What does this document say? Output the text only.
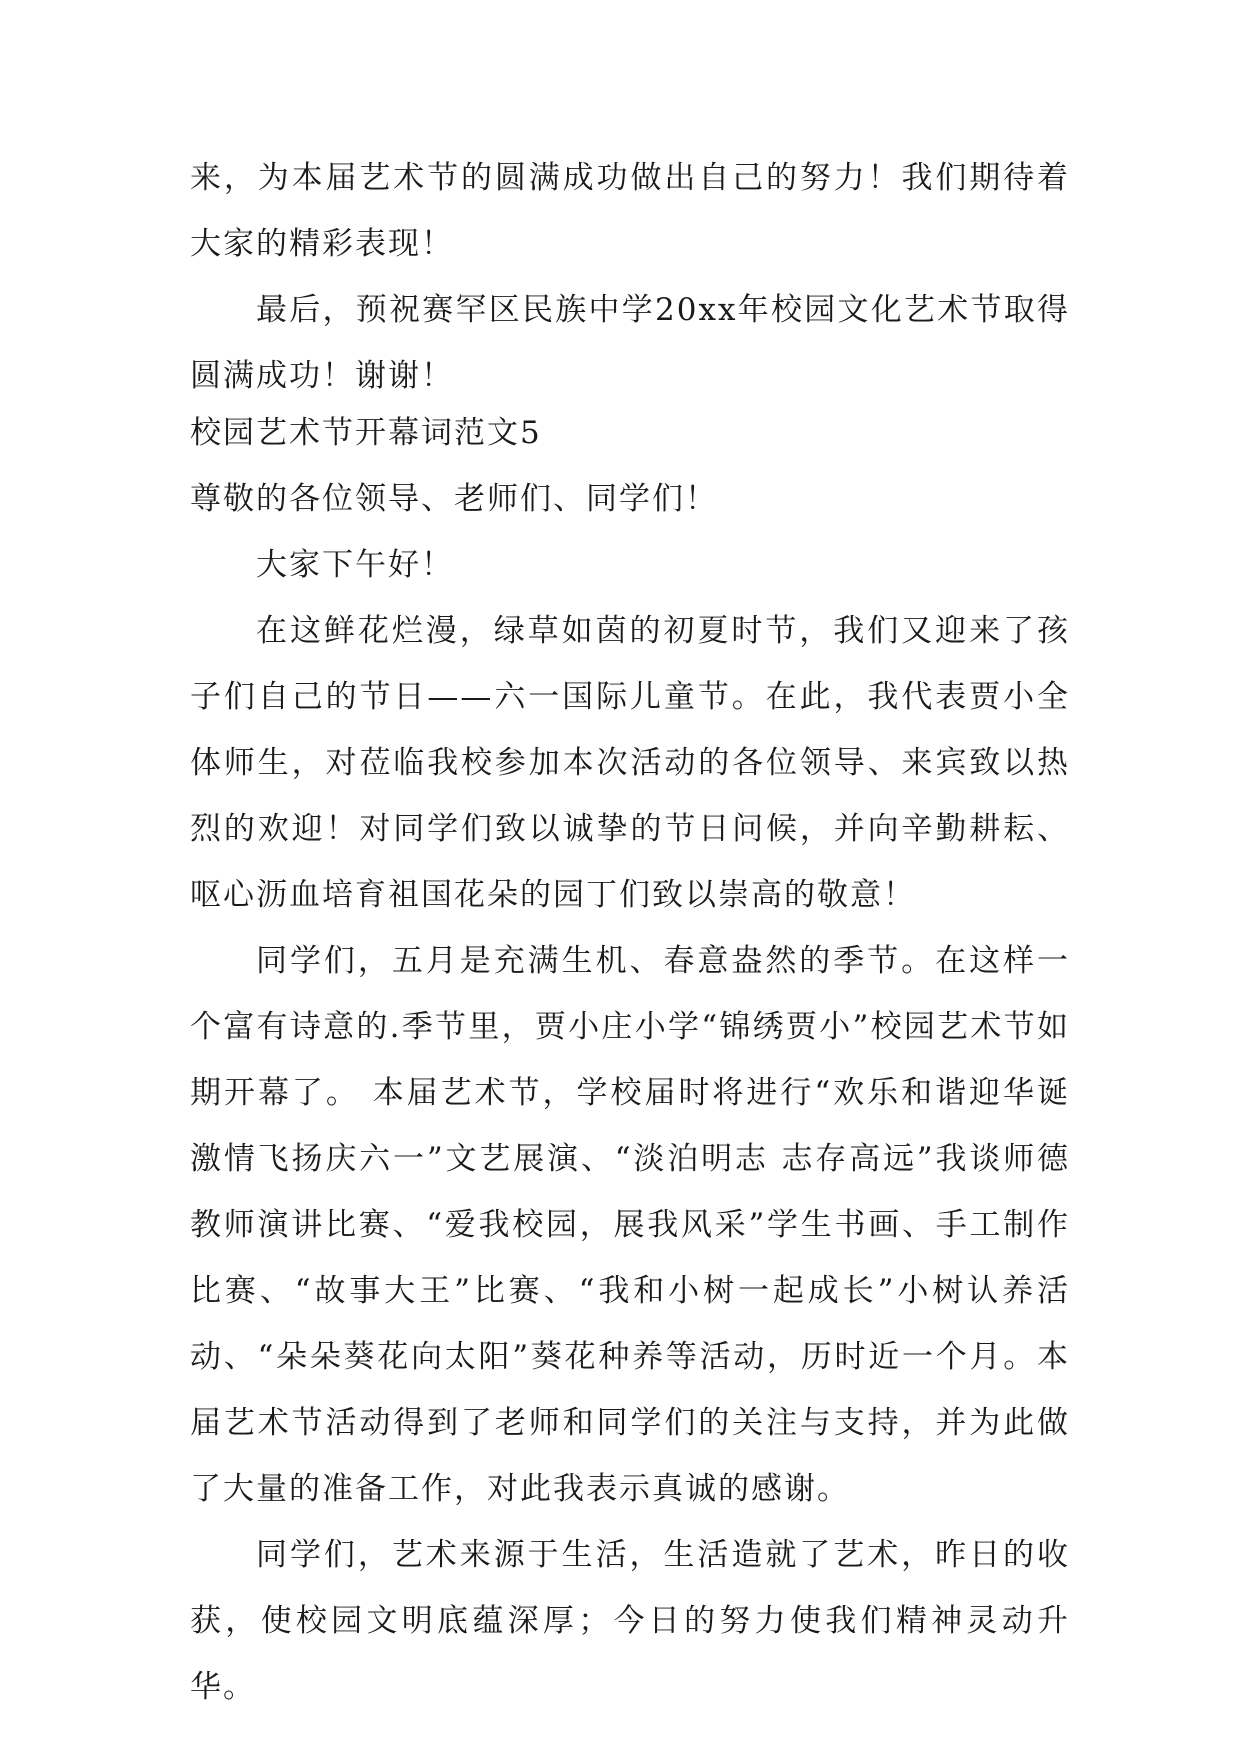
来，为本届艺术节的圆满成功做出自己的努力！我们期待着大家的精彩表现！

最后，预祝赛罕区民族中学20xx年校园文化艺术节取得圆满成功！谢谢！

校园艺术节开幕词范文5

尊敬的各位领导、老师们、同学们！

大家下午好！

在这鲜花烂漫，绿草如茵的初夏时节，我们又迎来了孩子们自己的节日——六一国际儿童节。在此，我代表贾小全体师生，对莅临我校参加本次活动的各位领导、来宾致以热烈的欢迎！对同学们致以诚挚的节日问候，并向辛勤耕耘、呕心沥血培育祖国花朵的园丁们致以崇高的敬意！

同学们，五月是充满生机、春意盎然的季节。在这样一个富有诗意的.季节里，贾小庄小学“锦绣贾小”校园艺术节如期开幕了。 本届艺术节，学校届时将进行“欢乐和谐迎华诞 激情飞扬庆六一”文艺展演、“淡泊明志 志存高远”我谈师德教师演讲比赛、“爱我校园，展我风采”学生书画、手工制作比赛、“故事大王”比赛、“我和小树一起成长”小树认养活动、“朵朵葵花向太阳”葵花种养等活动，历时近一个月。本届艺术节活动得到了老师和同学们的关注与支持，并为此做了大量的准备工作，对此我表示真诚的感谢。

同学们，艺术来源于生活，生活造就了艺术，昨日的收获，使校园文明底蕴深厚；今日的努力使我们精神灵动升华。
